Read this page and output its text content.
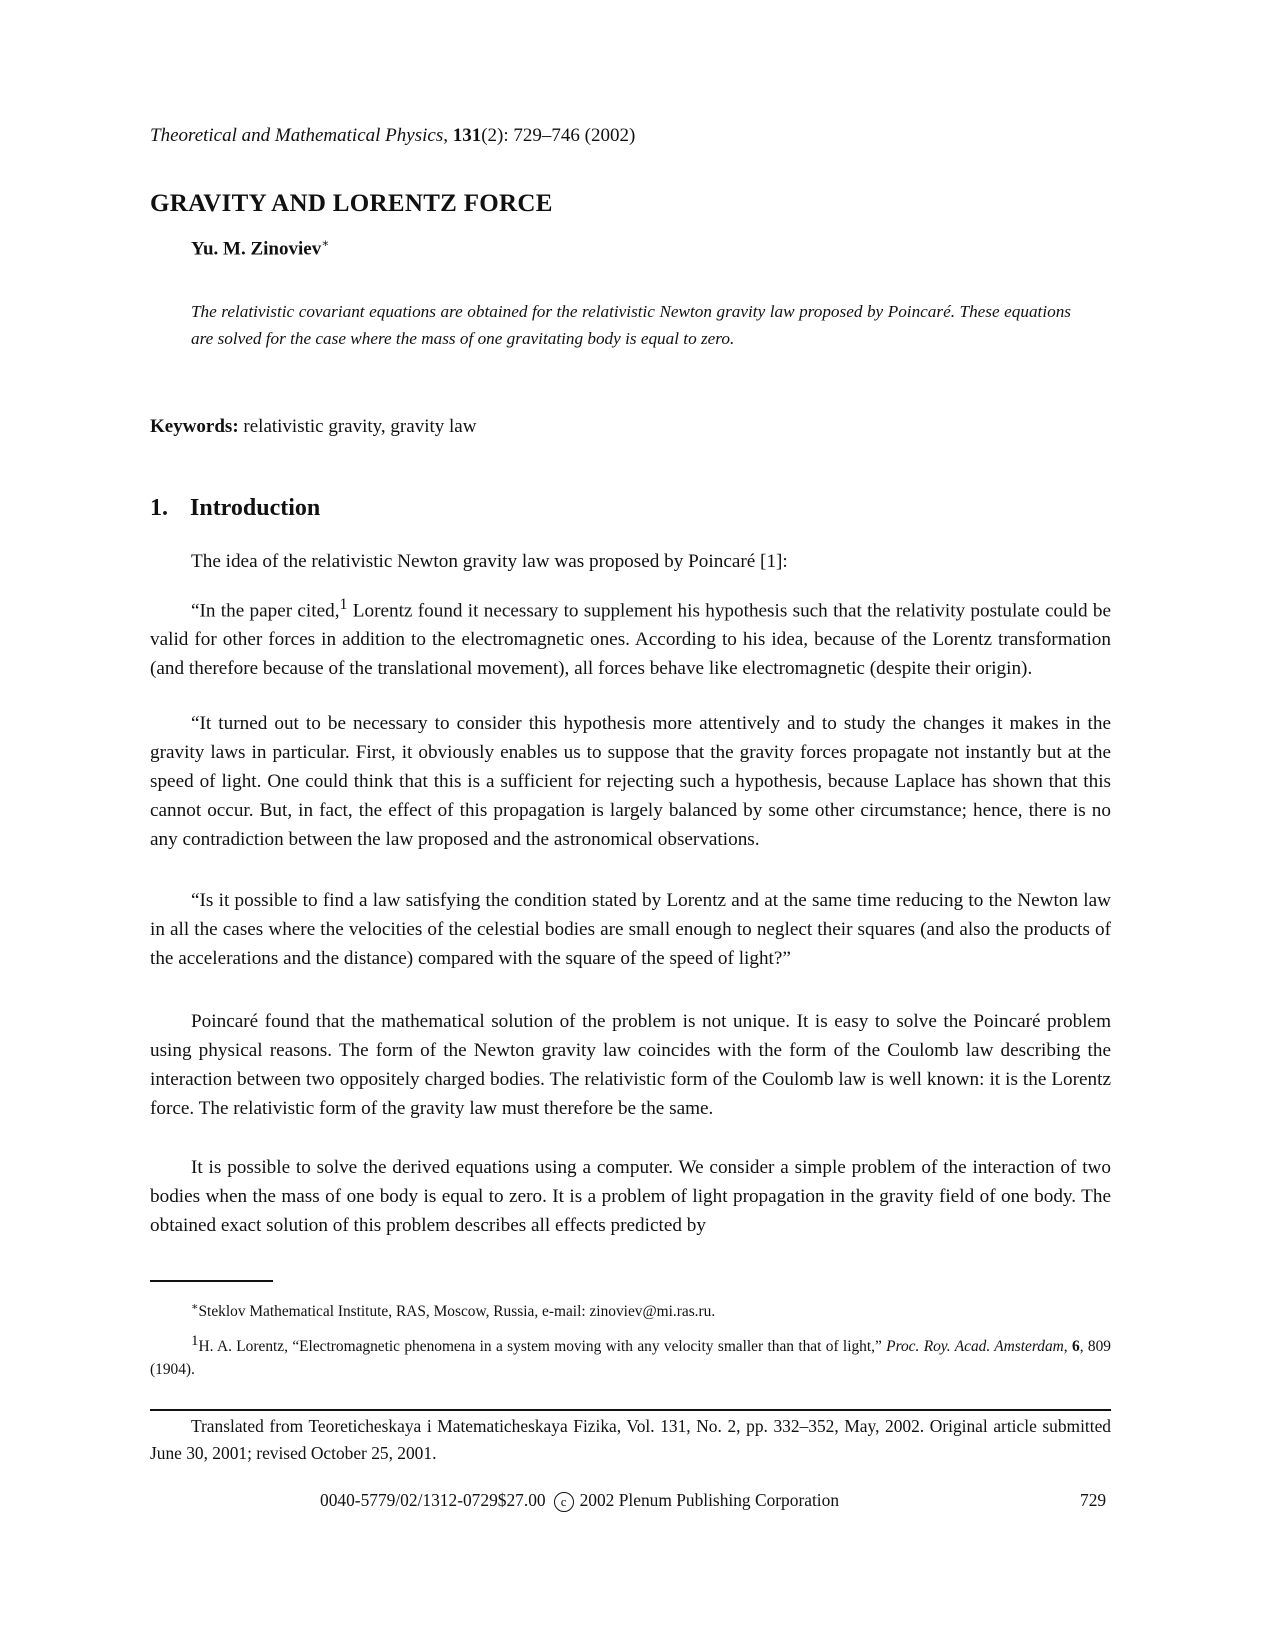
Theoretical and Mathematical Physics, 131(2): 729–746 (2002)
GRAVITY AND LORENTZ FORCE
Yu. M. Zinoviev∗
The relativistic covariant equations are obtained for the relativistic Newton gravity law proposed by Poincaré. These equations are solved for the case where the mass of one gravitating body is equal to zero.
Keywords: relativistic gravity, gravity law
1. Introduction

The idea of the relativistic Newton gravity law was proposed by Poincaré [1]:

“In the paper cited,$^1$ Lorentz found it necessary to supplement his hypothesis such that the relativity postulate could be valid for other forces in addition to the electromagnetic ones. According to his idea, because of the Lorentz transformation (and therefore because of the translational movement), all forces behave like electromagnetic (despite their origin).

“It turned out to be necessary to consider this hypothesis more attentively and to study the changes it makes in the gravity laws in particular. First, it obviously enables us to suppose that the gravity forces propagate not instantly but at the speed of light. One could think that this is a sufficient for rejecting such a hypothesis, because Laplace has shown that this cannot occur. But, in fact, the effect of this propagation is largely balanced by some other circumstance; hence, there is no any contradiction between the law proposed and the astronomical observations.

“Is it possible to find a law satisfying the condition stated by Lorentz and at the same time reducing to the Newton law in all the cases where the velocities of the celestial bodies are small enough to neglect their squares (and also the products of the accelerations and the distance) compared with the square of the speed of light?”

Poincaré found that the mathematical solution of the problem is not unique. It is easy to solve the Poincaré problem using physical reasons. The form of the Newton gravity law coincides with the form of the Coulomb law describing the interaction between two oppositely charged bodies. The relativistic form of the Coulomb law is well known: it is the Lorentz force. The relativistic form of the gravity law must therefore be the same.

It is possible to solve the derived equations using a computer. We consider a simple problem of the interaction of two bodies when the mass of one body is equal to zero. It is a problem of light propagation in the gravity field of one body. The obtained exact solution of this problem describes all effects predicted by

∗Steklov Mathematical Institute, RAS, Moscow, Russia, e-mail: zinoviev@mi.ras.ru.

1H. A. Lorentz, “Electromagnetic phenomena in a system moving with any velocity smaller than that of light,” Proc. Roy. Acad. Amsterdam, 6, 809 (1904).

Translated from Teoreticheskaya i Matematicheskaya Fizika, Vol. 131, No. 2, pp. 332–352, May, 2002. Original article submitted June 30, 2001; revised October 25, 2001.

0040-5779/02/1312-0729$27.00 c 2002 Plenum Publishing Corporation	729
